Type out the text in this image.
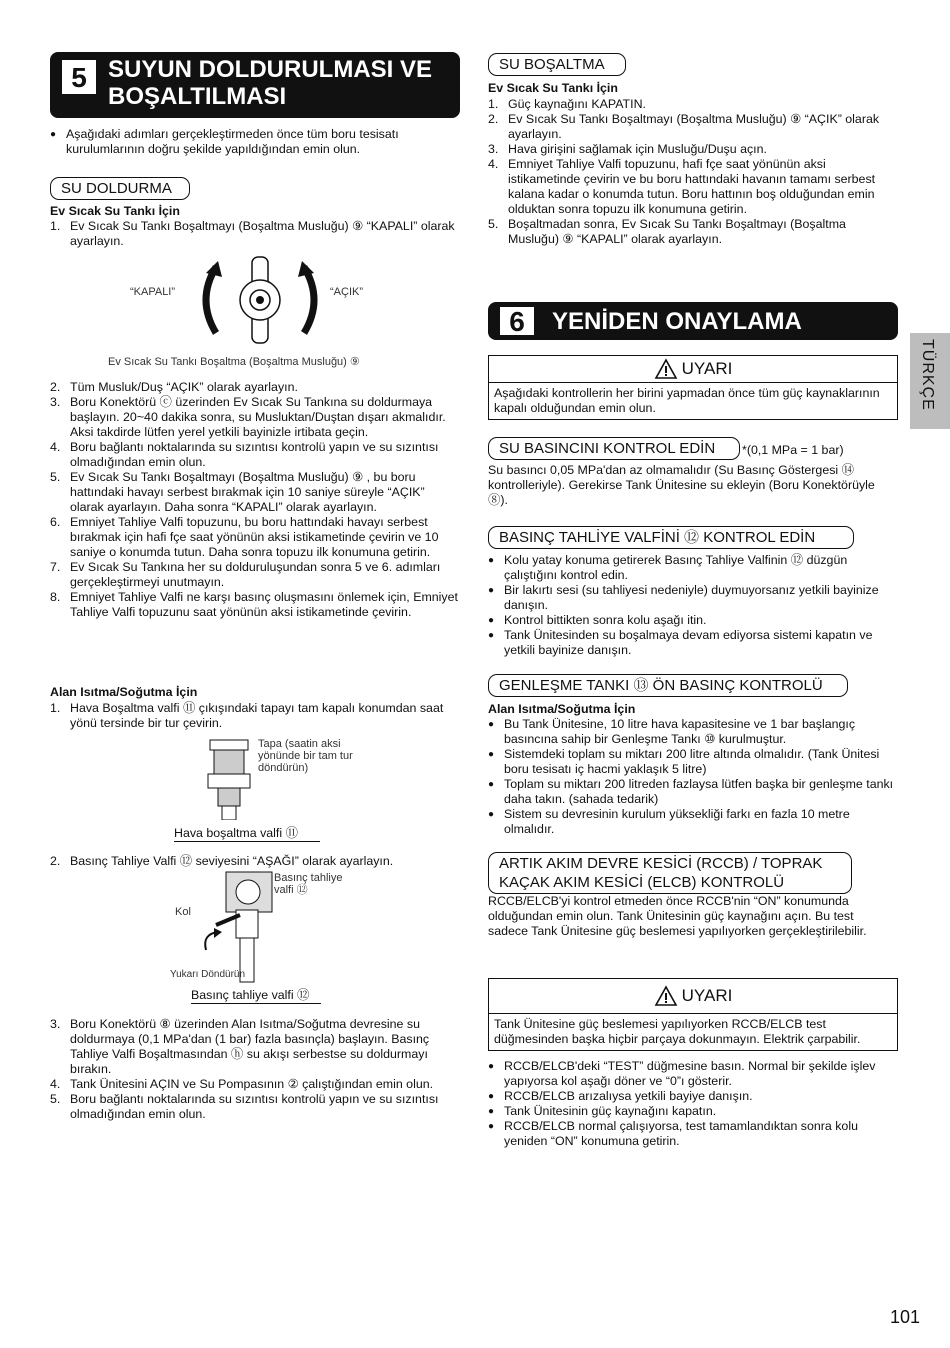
5 SUYUN DOLDURULMASI VE
BOŞALTILMASI
● Aşağıdaki adımları gerçekleştirmeden önce tüm boru tesisatı kurulumlarının doğru şekilde yapıldığından emin olun.
SU DOLDURMA
Ev Sıcak Su Tankı İçin
1. Ev Sıcak Su Tankı Boşaltmayı (Boşaltma Musluğu) ⑨ “KAPALI” olarak ayarlayın.
“KAPALI”	“AÇIK”
Ev Sıcak Su Tankı Boşaltma (Boşaltma Musluğu) ⑨
2. Tüm Musluk/Duş “AÇIK” olarak ayarlayın.
3. Boru Konektörü ⓒ üzerinden Ev Sıcak Su Tankına su doldurmaya başlayın. 20~40 dakika sonra, su Musluktan/Duştan dışarı akmalıdır. Aksi takdirde lütfen yerel yetkili bayinizle irtibata geçin.
4. Boru bağlantı noktalarında su sızıntısı kontrolü yapın ve su sızıntısı olmadığından emin olun.
5. Ev Sıcak Su Tankı Boşaltmayı (Boşaltma Musluğu) ⑨ , bu boru hattındaki havayı serbest bırakmak için 10 saniye süreyle “AÇIK” olarak ayarlayın. Daha sonra “KAPALI” olarak ayarlayın.
6. Emniyet Tahliye Valfi topuzunu, bu boru hattındaki havayı serbest bırakmak için hafi fçe saat yönünün aksi istikametinde çevirin ve 10 saniye o konumda tutun. Daha sonra topuzu ilk konumuna getirin.
7. Ev Sıcak Su Tankına her su dolduruluşundan sonra 5 ve 6. adımları gerçekleştirmeyi unutmayın.
8. Emniyet Tahliye Valfi ne karşı basınç oluşmasını önlemek için, Emniyet Tahliye Valfi topuzunu saat yönünün aksi istikametinde çevirin.
Alan Isıtma/Soğutma İçin
1. Hava Boşaltma valfi ⑪ çıkışındaki tapayı tam kapalı konumdan saat yönü tersinde bir tur çevirin.
Tapa (saatin aksi yönünde bir tam tur döndürün)
Hava boşaltma valfi ⑪
2. Basınç Tahliye Valfi ⑫ seviyesini “AŞAĞI” olarak ayarlayın.
Basınç tahliye valfi ⑫
Kol
Yukarı Döndürün
Basınç tahliye valfi ⑫
3. Boru Konektörü ⑧ üzerinden Alan Isıtma/Soğutma devresine su doldurmaya (0,1 MPa'dan (1 bar) fazla basınçla) başlayın. Basınç Tahliye Valfi Boşaltmasından ⓗ su akışı serbestse su doldurmayı bırakın.
4. Tank Ünitesini AÇIN ve Su Pompasının ② çalıştığından emin olun.
5. Boru bağlantı noktalarında su sızıntısı kontrolü yapın ve su sızıntısı olmadığından emin olun.
SU BOŞALTMA
Ev Sıcak Su Tankı İçin
1. Güç kaynağını KAPATIN.
2. Ev Sıcak Su Tankı Boşaltmayı (Boşaltma Musluğu) ⑨ “AÇIK” olarak ayarlayın.
3. Hava girişini sağlamak için Musluğu/Duşu açın.
4. Emniyet Tahliye Valfi topuzunu, hafi fçe saat yönünün aksi istikametinde çevirin ve bu boru hattındaki havanın tamamı serbest kalana kadar o konumda tutun. Boru hattının boş olduğundan emin olduktan sonra topuzu ilk konumuna getirin.
5. Boşaltmadan sonra, Ev Sıcak Su Tankı Boşaltmayı (Boşaltma Musluğu) ⑨ “KAPALI” olarak ayarlayın.
6	YENİDEN ONAYLAMA
UYARI
Aşağıdaki kontrollerin her birini yapmadan önce tüm güç kaynaklarının kapalı olduğundan emin olun.
SU BASINCINI KONTROL EDİN	*(0,1 MPa = 1 bar)
Su basıncı 0,05 MPa'dan az olmamalıdır (Su Basınç Göstergesi ⑭ kontrolleriyle). Gerekirse Tank Ünitesine su ekleyin (Boru Konektörüyle ⑧).
BASINÇ TAHLİYE VALFİNİ ⑫ KONTROL EDİN
● Kolu yatay konuma getirerek Basınç Tahliye Valfinin ⑫ düzgün çalıştığını kontrol edin.
● Bir lakırtı sesi (su tahliyesi nedeniyle) duymuyorsanız yetkili bayinize danışın.
● Kontrol bittikten sonra kolu aşağı itin.
● Tank Ünitesinden su boşalmaya devam ediyorsa sistemi kapatın ve yetkili bayinize danışın.
GENLEŞME TANKI ⑬ ÖN BASINÇ KONTROLÜ
Alan Isıtma/Soğutma İçin
● Bu Tank Ünitesine, 10 litre hava kapasitesine ve 1 bar başlangıç basıncına sahip bir Genleşme Tankı ⑩ kurulmuştur.
● Sistemdeki toplam su miktarı 200 litre altında olmalıdır. (Tank Ünitesi boru tesisatı iç hacmi yaklaşık 5 litre)
● Toplam su miktarı 200 litreden fazlaysa lütfen başka bir genleşme tankı daha takın. (sahada tedarik)
● Sistem su devresinin kurulum yüksekliği farkı en fazla 10 metre olmalıdır.
ARTIK AKIM DEVRE KESİCİ (RCCB) / TOPRAK
KAÇAK AKIM KESİCİ (ELCB) KONTROLÜ
RCCB/ELCB'yi kontrol etmeden önce RCCB'nin “ON” konumunda olduğundan emin olun. Tank Ünitesinin güç kaynağını açın. Bu test sadece Tank Ünitesine güç beslemesi yapılıyorken gerçekleştirilebilir.
UYARI
Tank Ünitesine güç beslemesi yapılıyorken RCCB/ELCB test düğmesinden başka hiçbir parçaya dokunmayın. Elektrik çarpabilir.
● RCCB/ELCB'deki “TEST” düğmesine basın. Normal bir şekilde işlev yapıyorsa kol aşağı döner ve “0”ı gösterir.
● RCCB/ELCB arızalıysa yetkili bayiye danışın.
● Tank Ünitesinin güç kaynağını kapatın.
● RCCB/ELCB normal çalışıyorsa, test tamamlandıktan sonra kolu yeniden “ON” konumuna getirin.
TÜRKÇE
101
